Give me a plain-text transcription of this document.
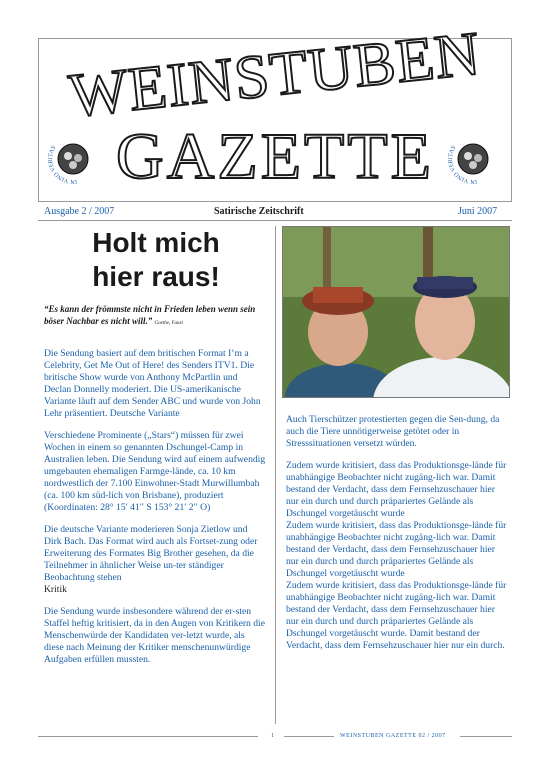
WEINSTUBEN
GAZETTE
IN VINO VERITAS
IN VINO VERITAS
Ausgabe 2 / 2007	Satirische Zeitschrift	Juni 2007
Holt mich
hier raus!
“Es kann der frömmste nicht in Frieden leben wenn sein böser Nachbar es nicht will.” Goethe, Faust

Die Sendung basiert auf dem britischen Format I’m a Celebrity, Get Me Out of Here! des Senders ITV1. Die britische Show wurde von Anthony McPartlin und Declan Donnelly moderiert. Die US-amerikanische Variante läuft auf dem Sender ABC und wurde von John Lehr präsentiert. Deutsche Variante

Verschiedene Prominente („Stars“) müssen für zwei Wochen in einem so genannten Dschungel-Camp in Australien leben. Die Sendung wird auf einem aufwendig umgebauten ehemaligen Farmge-lände, ca. 10 km nordwestlich der 7.100 Einwohner-Stadt Murwillumbah (ca. 100 km süd-lich von Brisbane), produziert (Koordinaten: 28° 15′ 41′′ S 153° 21′ 2′′ O)

Die deutsche Variante moderieren Sonja Zietlow und Dirk Bach. Das Format wird auch als Fortset-zung oder Erweiterung des Formates Big Brother gesehen, da die Teilnehmer in ähnlicher Weise un-ter ständiger Beobachtung stehen

Kritik

Die Sendung wurde insbesondere während der er-sten Staffel heftig kritisiert, da in den Augen von Kritikern die Menschenwürde der Kandidaten ver-letzt wurde, als diese nach Meinung der Kritiker menschenunwürdige Aufgaben erfüllen mussten.

Auch Tierschützer protestierten gegen die Sen-dung, da auch die Tiere unnötigerweise getötet oder in Stresssituationen versetzt würden.

Zudem wurde kritisiert, dass das Produktionsge-lände für unabhängige Beobachter nicht zugäng-lich war. Damit bestand der Verdacht, dass dem Fernsehzuschauer hier nur ein durch und durch präpariertes Gelände als Dschungel vorgetäuscht wurde

Zudem wurde kritisiert, dass das Produktionsge-lände für unabhängige Beobachter nicht zugäng-lich war. Damit bestand der Verdacht, dass dem Fernsehzuschauer hier nur ein durch und durch präpariertes Gelände als Dschungel vorgetäuscht wurde

Zudem wurde kritisiert, dass das Produktionsge-lände für unabhängige Beobachter nicht zugäng-lich war. Damit bestand der Verdacht, dass dem Fernsehzuschauer hier nur ein durch und durch präpariertes Gelände als Dschungel vorgetäuscht wurde. Damit bestand der Verdacht, dass dem Fernsehzuschauer hier nur ein durch.

1	WEINSTUBEN GAZETTE 02 / 2007
